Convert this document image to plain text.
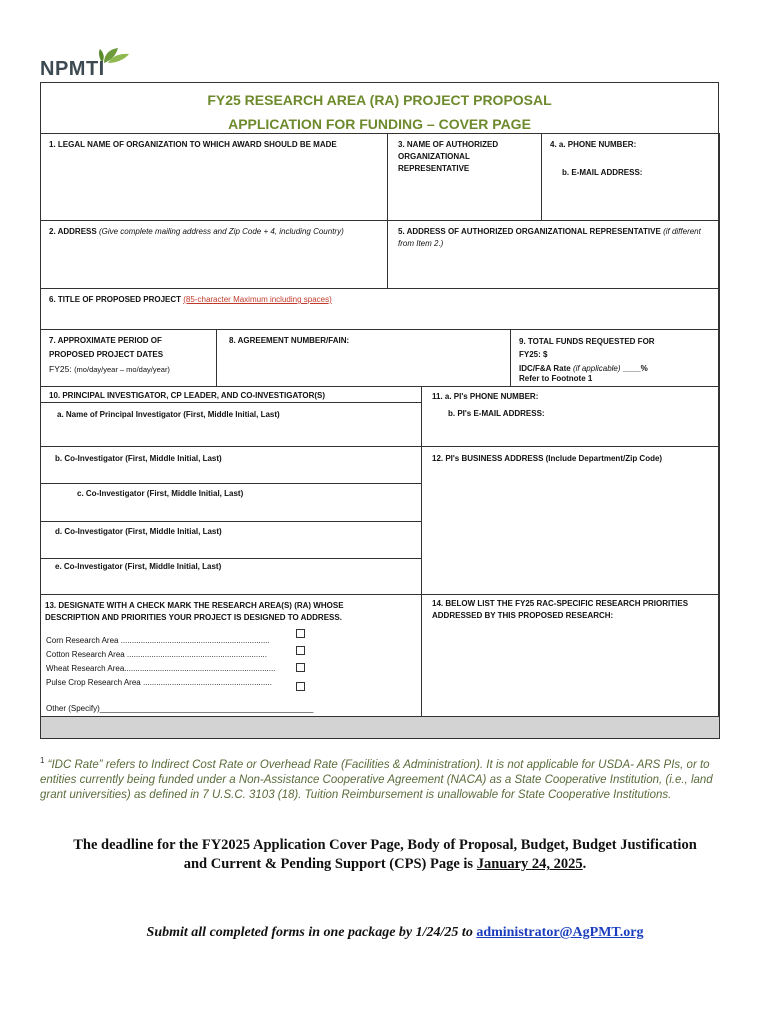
NPMTI
FY25 RESEARCH AREA (RA) PROJECT PROPOSAL
APPLICATION FOR FUNDING – COVER PAGE
1. LEGAL NAME OF ORGANIZATION TO WHICH AWARD SHOULD BE MADE	3. NAME OF AUTHORIZED ORGANIZATIONAL REPRESENTATIVE
4. a. PHONE NUMBER:
b. E-MAIL ADDRESS:
2. ADDRESS (Give complete mailing address and Zip Code + 4, including Country)	5. ADDRESS OF AUTHORIZED ORGANIZATIONAL REPRESENTATIVE (if different from Item 2.)
6. TITLE OF PROPOSED PROJECT (85-character Maximum including spaces)
7. APPROXIMATE PERIOD OF
PROPOSED PROJECT DATES
FY25: (mo/day/year – mo/day/year)
8. AGREEMENT NUMBER/FAIN:	9. TOTAL FUNDS REQUESTED FOR
FY25: $
IDC/F&A Rate (if applicable) ____%
Refer to Footnote 1
10. PRINCIPAL INVESTIGATOR, CP LEADER, AND CO-INVESTIGATOR(S)
a. Name of Principal Investigator (First, Middle Initial, Last)
11. a. PI's PHONE NUMBER:
b. PI's E-MAIL ADDRESS:
b. Co-Investigator (First, Middle Initial, Last)
c. Co-Investigator (First, Middle Initial, Last)
d. Co-Investigator (First, Middle Initial, Last)
e. Co-Investigator (First, Middle Initial, Last)
12. PI's BUSINESS ADDRESS (Include Department/Zip Code)
13. DESIGNATE WITH A CHECK MARK THE RESEARCH AREA(S) (RA) WHOSE
DESCRIPTION AND PRIORITIES YOUR PROJECT IS DESIGNED TO ADDRESS.
Corn Research Area ...................................................................
Cotton Research Area ...............................................................
Wheat Research Area....................................................................
Pulse Crop Research Area ..........................................................
Other (Specify)________________________________________________
14. BELOW LIST THE FY25 RAC-SPECIFIC RESEARCH PRIORITIES
ADDRESSED BY THIS PROPOSED RESEARCH:
$^1$ “IDC Rate” refers to Indirect Cost Rate or Overhead Rate (Facilities & Administration). It is not applicable for USDA- ARS PIs, or to entities currently being funded under a Non-Assistance Cooperative Agreement (NACA) as a State Cooperative Institution, (i.e., land grant universities) as defined in 7 U.S.C. 3103 (18). Tuition Reimbursement is unallowable for State Cooperative Institutions.
The deadline for the FY2025 Application Cover Page, Body of Proposal, Budget, Budget Justification
and Current & Pending Support (CPS) Page is January 24, 2025.
Submit all completed forms in one package by 1/24/25 to administrator@AgPMT.org
